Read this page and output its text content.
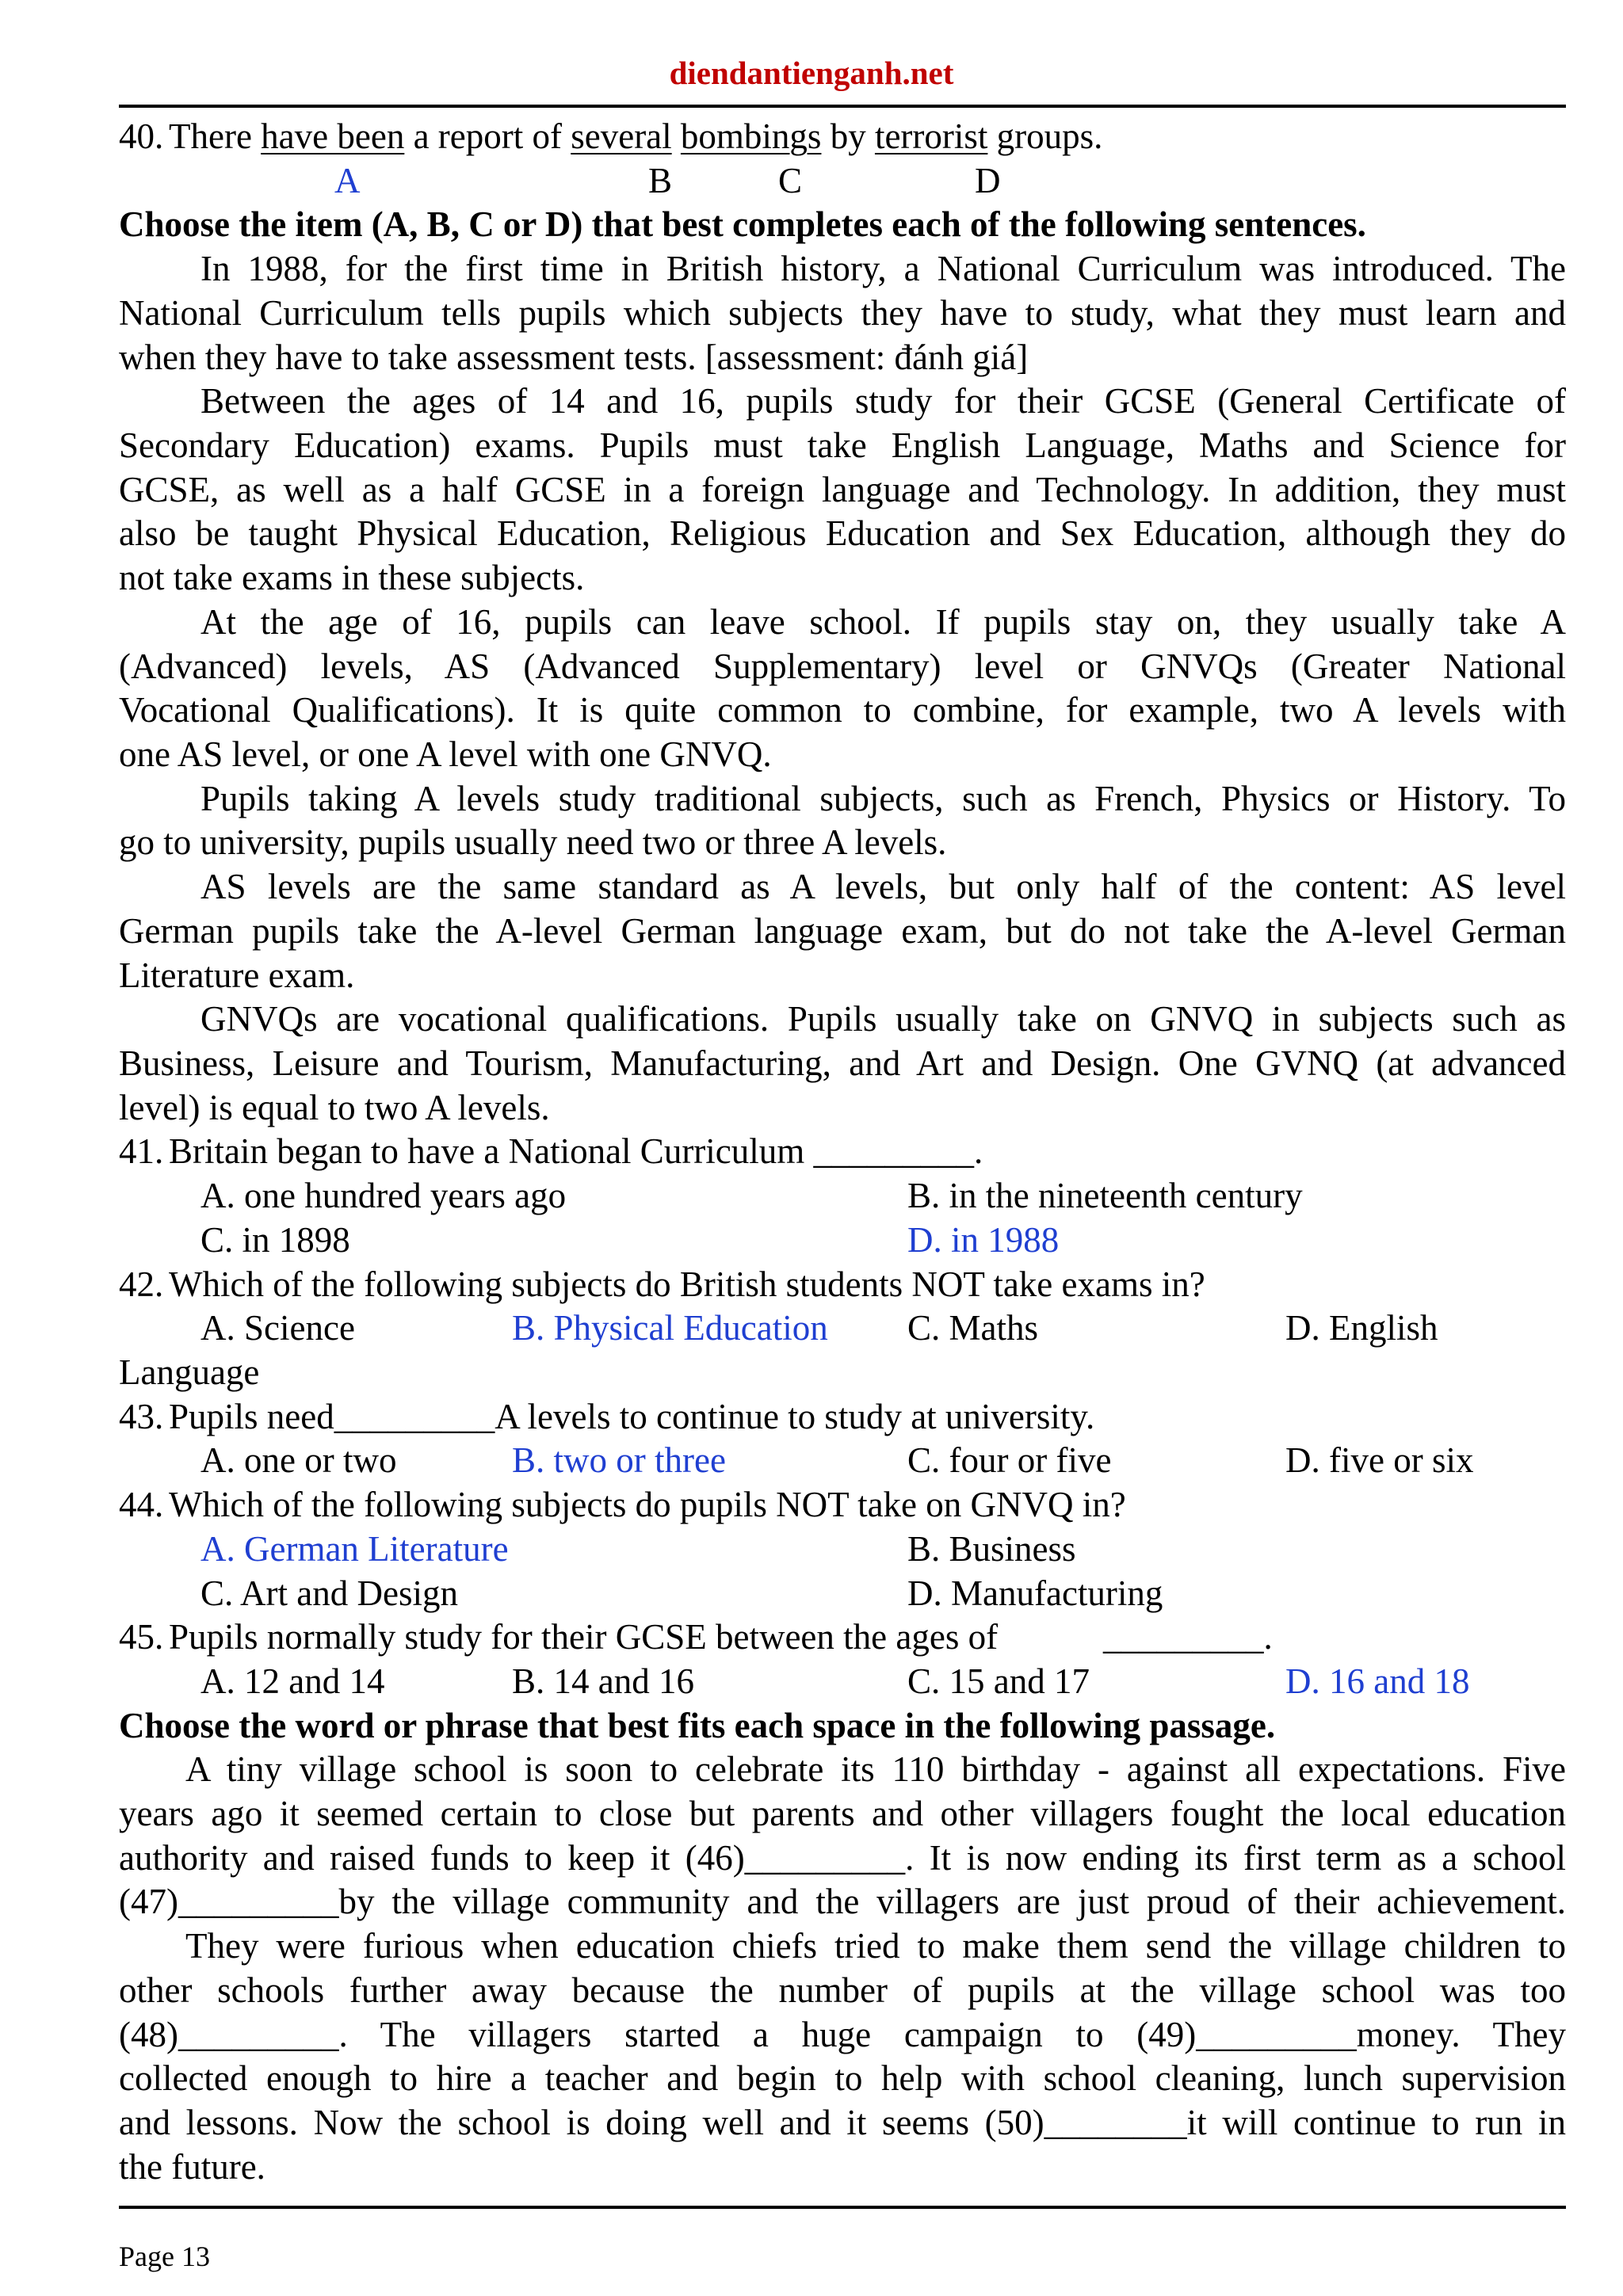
diendantienganh.net
40. There have been a report of several bombings by terrorist groups.
A	B	C	D
Choose the item (A, B, C or D) that best completes each of the following sentences.
In 1988, for the first time in British history, a National Curriculum was introduced. The
National Curriculum tells pupils which subjects they have to study, what they must learn and
when they have to take assessment tests. [assessment: đánh giá]
Between the ages of 14 and 16, pupils study for their GCSE (General Certificate of
Secondary Education) exams. Pupils must take English Language, Maths and Science for
GCSE, as well as a half GCSE in a foreign language and Technology. In addition, they must
also be taught Physical Education, Religious Education and Sex Education, although they do
not take exams in these subjects.
At the age of 16, pupils can leave school. If pupils stay on, they usually take A
(Advanced) levels, AS (Advanced Supplementary) level or GNVQs (Greater National
Vocational Qualifications). It is quite common to combine, for example, two A levels with
one AS level, or one A level with one GNVQ.
Pupils taking A levels study traditional subjects, such as French, Physics or History. To
go to university, pupils usually need two or three A levels.
AS levels are the same standard as A levels, but only half of the content: AS level
German pupils take the A-level German language exam, but do not take the A-level German
Literature exam.
GNVQs are vocational qualifications. Pupils usually take on GNVQ in subjects such as
Business, Leisure and Tourism, Manufacturing, and Art and Design. One GVNQ (at advanced
level) is equal to two A levels.
41. Britain began to have a National Curriculum _________.
A. one hundred years ago	B. in the nineteenth century
C. in 1898	D. in 1988
42. Which of the following subjects do British students NOT take exams in?
A. Science	B. Physical Education C. Maths	D. English
Language
43. Pupils need_________A levels to continue to study at university.
A. one or two	B. two or three	C. four or five	D. five or six
44. Which of the following subjects do pupils NOT take on GNVQ in?
A. German Literature	B. Business
C. Art and Design	D. Manufacturing
45. Pupils normally study for their GCSE between the ages of	_________.
A. 12 and 14	B. 14 and 16	C. 15 and 17	D. 16 and 18
Choose the word or phrase that best fits each space in the following passage.
A tiny village school is soon to celebrate its 110 birthday - against all expectations. Five
years ago it seemed certain to close but parents and other villagers fought the local education
authority and raised funds to keep it (46)_________. It is now ending its first term as a school
(47)_________by the village community and the villagers are just proud of their achievement.
They were furious when education chiefs tried to make them send the village children to
other schools further away because the number of pupils at the village school was too
(48)_________. The villagers started a huge campaign to (49)_________money. They
collected enough to hire a teacher and begin to help with school cleaning, lunch supervision
and lessons. Now the school is doing well and it seems (50)________it will continue to run in
the future.
Page 13
